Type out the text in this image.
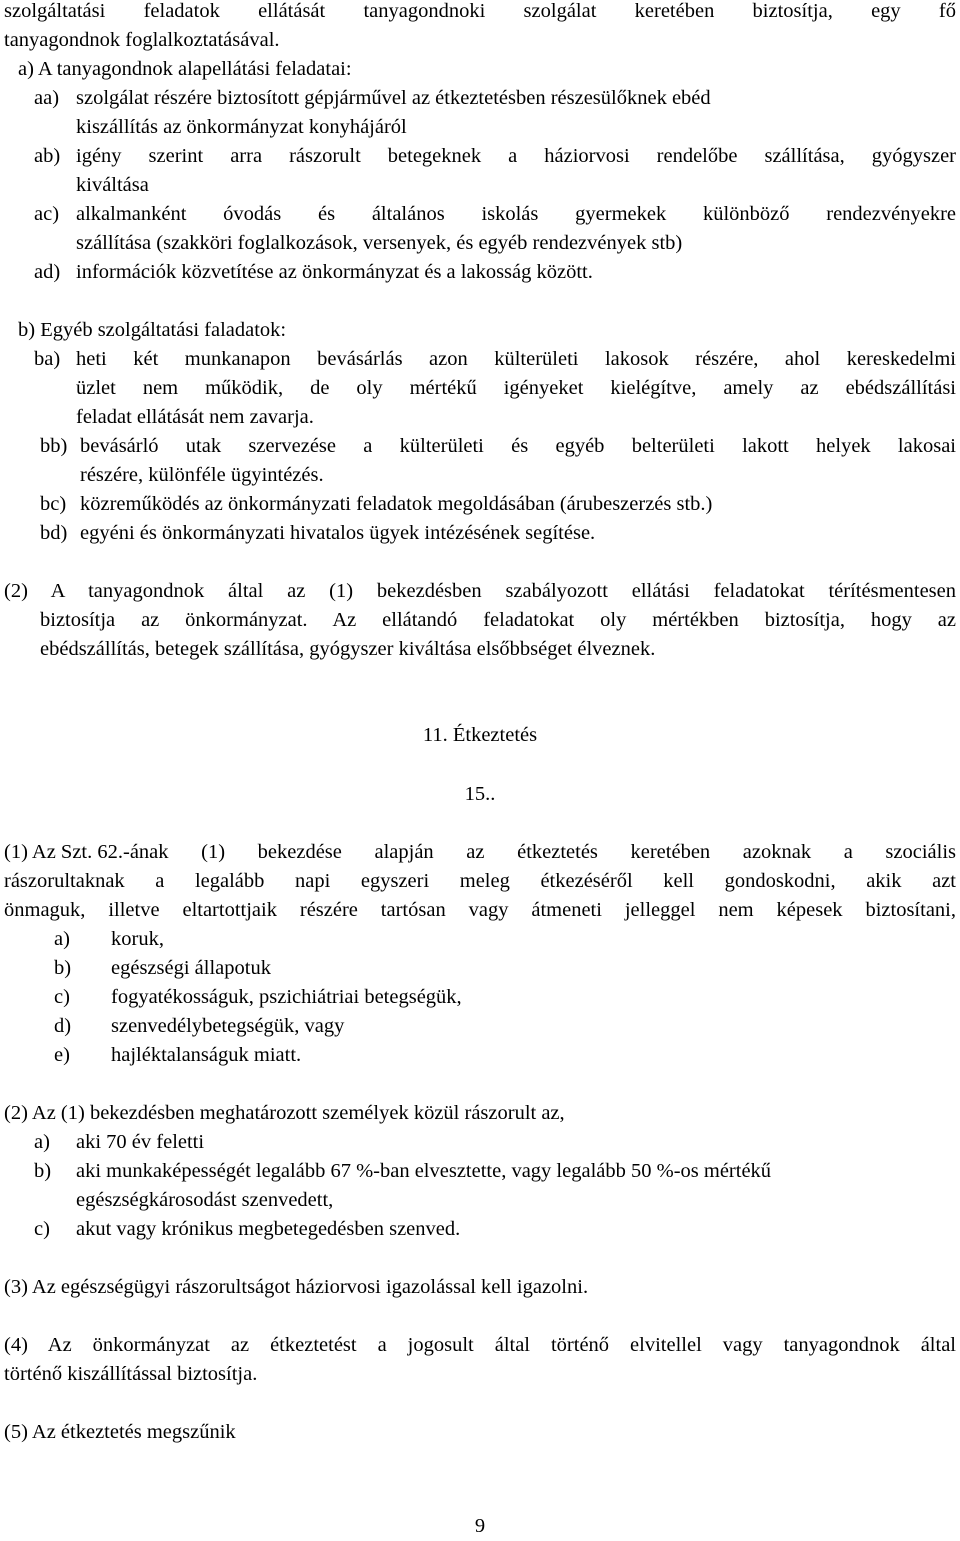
szolgáltatási feladatok ellátását tanyagondnoki szolgálat keretében biztosítja, egy fő
tanyagondnok foglalkoztatásával.
a) A tanyagondnok alapellátási feladatai:
aa) szolgálat részére biztosított gépjárművel az étkeztetésben részesülőknek ebéd
kiszállítás az önkormányzat konyhájáról
ab) igény szerint arra rászorult betegeknek a háziorvosi rendelőbe szállítása, gyógyszer
kiváltása
ac) alkalmanként óvodás és általános iskolás gyermekek különböző rendezvényekre
szállítása (szakköri foglalkozások, versenyek, és egyéb rendezvények stb)
ad) információk közvetítése az önkormányzat és a lakosság között.
b) Egyéb szolgáltatási faladatok:
ba) heti két munkanapon bevásárlás azon külterületi lakosok részére, ahol kereskedelmi
üzlet nem működik, de oly mértékű igényeket kielégítve, amely az ebédszállítási
feladat ellátását nem zavarja.
bb) bevásárló utak szervezése a külterületi és egyéb belterületi lakott helyek lakosai
részére, különféle ügyintézés.
bc) közreműködés az önkormányzati feladatok megoldásában (árubeszerzés stb.)
bd) egyéni és önkormányzati hivatalos ügyek intézésének segítése.
(2) A tanyagondnok által az (1) bekezdésben szabályozott ellátási feladatokat térítésmentesen
biztosítja az önkormányzat. Az ellátandó feladatokat oly mértékben biztosítja, hogy az
ebédszállítás, betegek szállítása, gyógyszer kiváltása elsőbbséget élveznek.
11. Étkeztetés
15..
(1) Az Szt. 62. -ának (1) bekezdése alapján az étkeztetés keretében azoknak a szociális
rászorultaknak a legalább napi egyszeri meleg étkezéséről kell gondoskodni, akik azt
önmaguk, illetve eltartottjaik részére tartósan vagy átmeneti jelleggel nem képesek biztosítani,
a) koruk,
b) egészségi állapotuk
c) fogyatékosságuk, pszichiátriai betegségük,
d) szenvedélybetegségük, vagy
e) hajléktalanságuk miatt.
(2) Az (1) bekezdésben meghatározott személyek közül rászorult az,
a) aki 70 év feletti
b) aki munkaképességét legalább 67 %-ban elvesztette, vagy legalább 50 %-os mértékű
egészségkárosodást szenvedett,
c) akut vagy krónikus megbetegedésben szenved.
(3) Az egészségügyi rászorultságot háziorvosi igazolással kell igazolni.
(4) Az önkormányzat az étkeztetést a jogosult által történő elvitellel vagy tanyagondnok által
történő kiszállítással biztosítja.
(5) Az étkeztetés megszűnik
9
